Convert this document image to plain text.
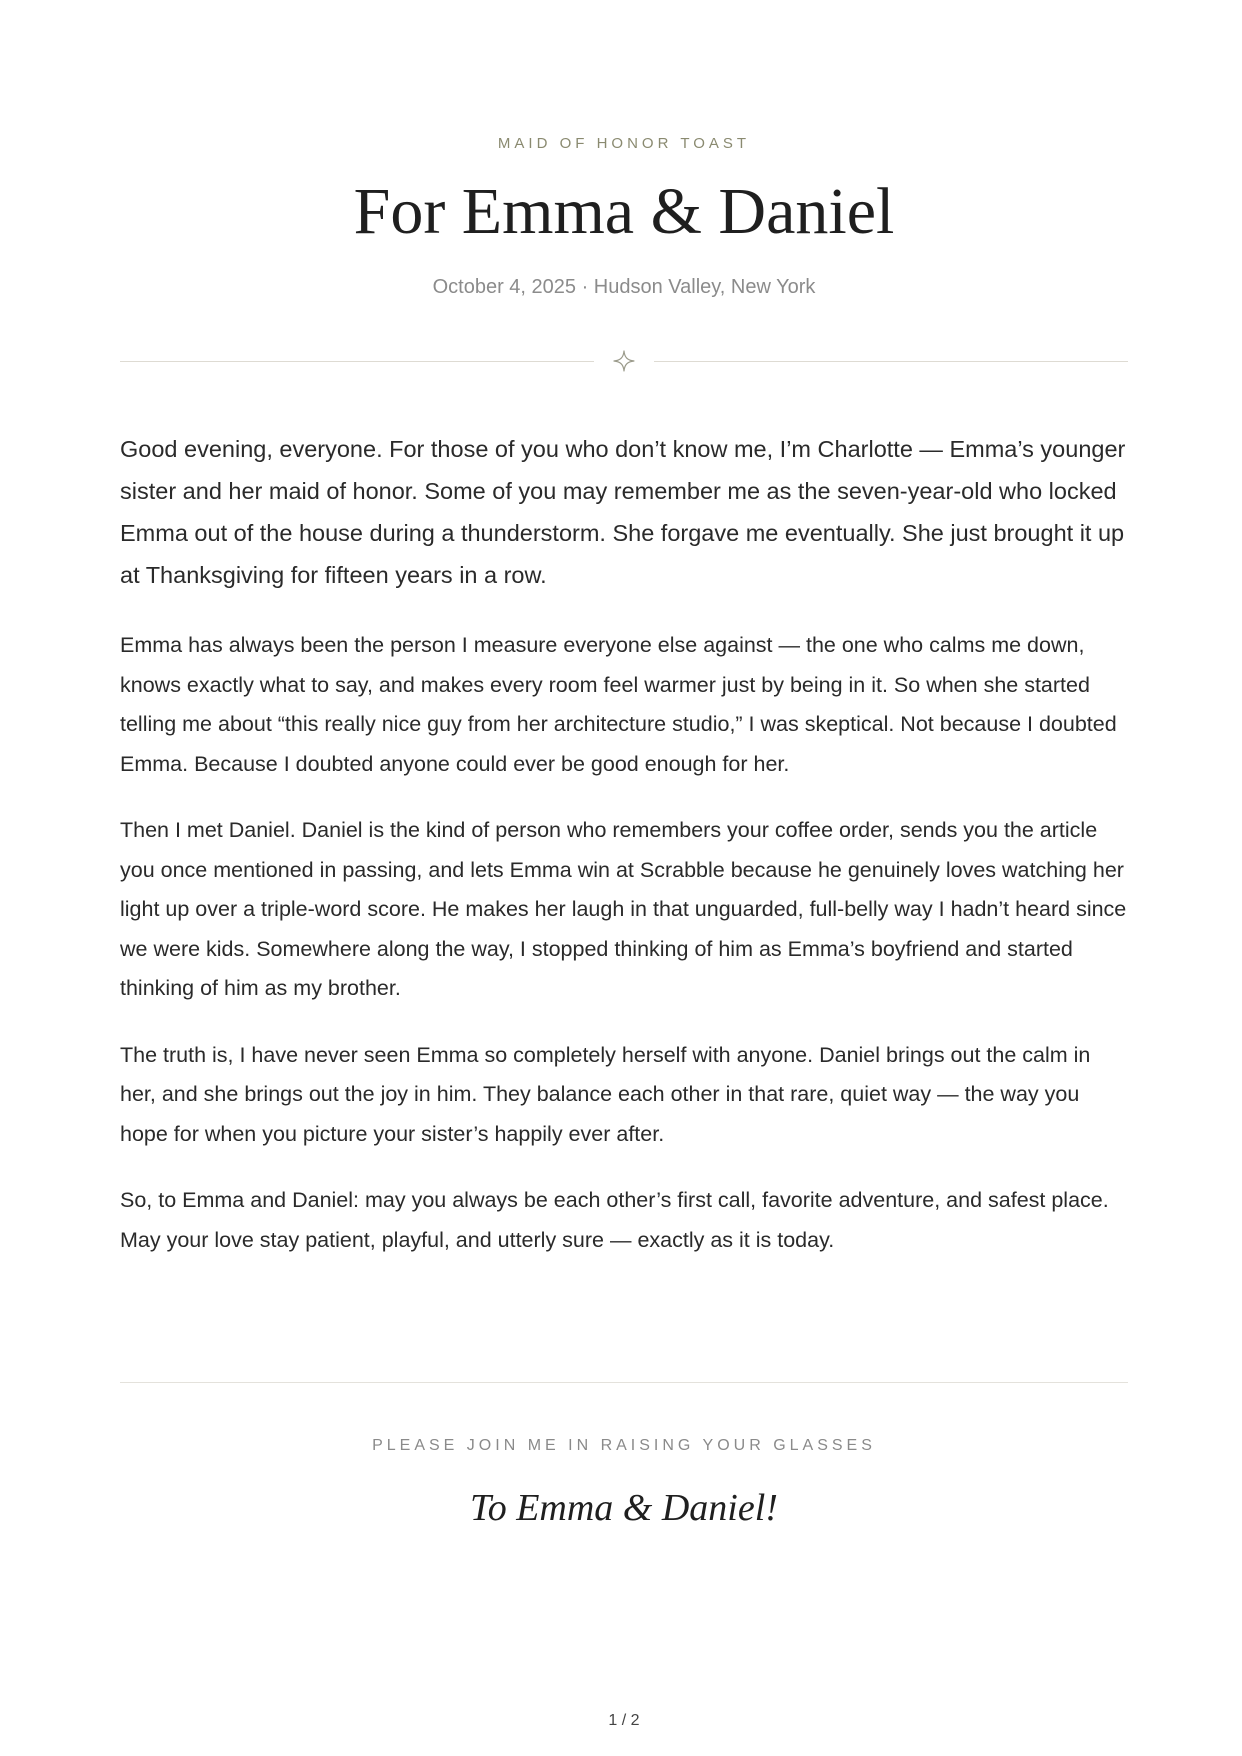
MAID OF HONOR TOAST
For Emma & Daniel
October 4, 2025 · Hudson Valley, New York

Good evening, everyone. For those of you who don’t know me, I’m Charlotte — Emma’s younger sister and her maid of honor. Some of you may remember me as the seven-year-old who locked Emma out of the house during a thunderstorm. She forgave me eventually. She just brought it up at Thanksgiving for fifteen years in a row.

Emma has always been the person I measure everyone else against — the one who calms me down, knows exactly what to say, and makes every room feel warmer just by being in it. So when she started telling me about “this really nice guy from her architecture studio,” I was skeptical. Not because I doubted Emma. Because I doubted anyone could ever be good enough for her.

Then I met Daniel. Daniel is the kind of person who remembers your coffee order, sends you the article you once mentioned in passing, and lets Emma win at Scrabble because he genuinely loves watching her light up over a triple-word score. He makes her laugh in that unguarded, full-belly way I hadn’t heard since we were kids. Somewhere along the way, I stopped thinking of him as Emma’s boyfriend and started thinking of him as my brother.

The truth is, I have never seen Emma so completely herself with anyone. Daniel brings out the calm in her, and she brings out the joy in him. They balance each other in that rare, quiet way — the way you hope for when you picture your sister’s happily ever after.

So, to Emma and Daniel: may you always be each other’s first call, favorite adventure, and safest place. May your love stay patient, playful, and utterly sure — exactly as it is today.

PLEASE JOIN ME IN RAISING YOUR GLASSES
To Emma & Daniel!
1 / 2
